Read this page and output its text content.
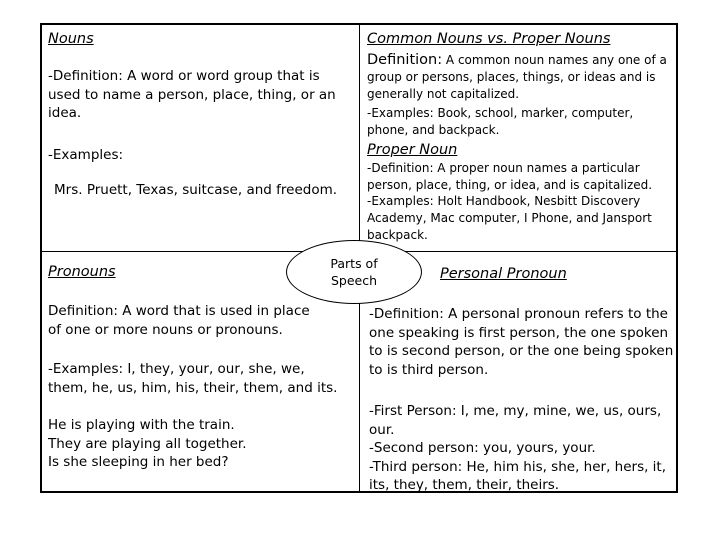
Nouns

-Definition: A word or word group that is used to name a person, place, thing, or an idea.

-Examples:

Mrs. Pruett, Texas, suitcase, and freedom.

Common Nouns vs. Proper Nouns

Definition: A common noun names any one of a group or persons, places, things, or ideas and is generally not capitalized.

-Examples: Book, school, marker, computer, phone, and backpack.

Proper Noun

-Definition: A proper noun names a particular person, place, thing, or idea, and is capitalized.

-Examples: Holt Handbook, Nesbitt Discovery Academy, Mac computer, I Phone, and Jansport backpack.

Parts of
Speech

Pronouns

Definition: A word that is used in place of one or more nouns or pronouns.

-Examples: I, they, your, our, she, we, them, he, us, him, his, their, them, and its.

He is playing with the train.
They are playing all together.
Is she sleeping in her bed?

Personal Pronoun

-Definition: A personal pronoun refers to the one speaking is first person, the one spoken to is second person, or the one being spoken to is third person.

-First Person: I, me, my, mine, we, us, ours, our.
-Second person: you, yours, your.
-Third person: He, him his, she, her, hers, it, its, they, them, their, theirs.
